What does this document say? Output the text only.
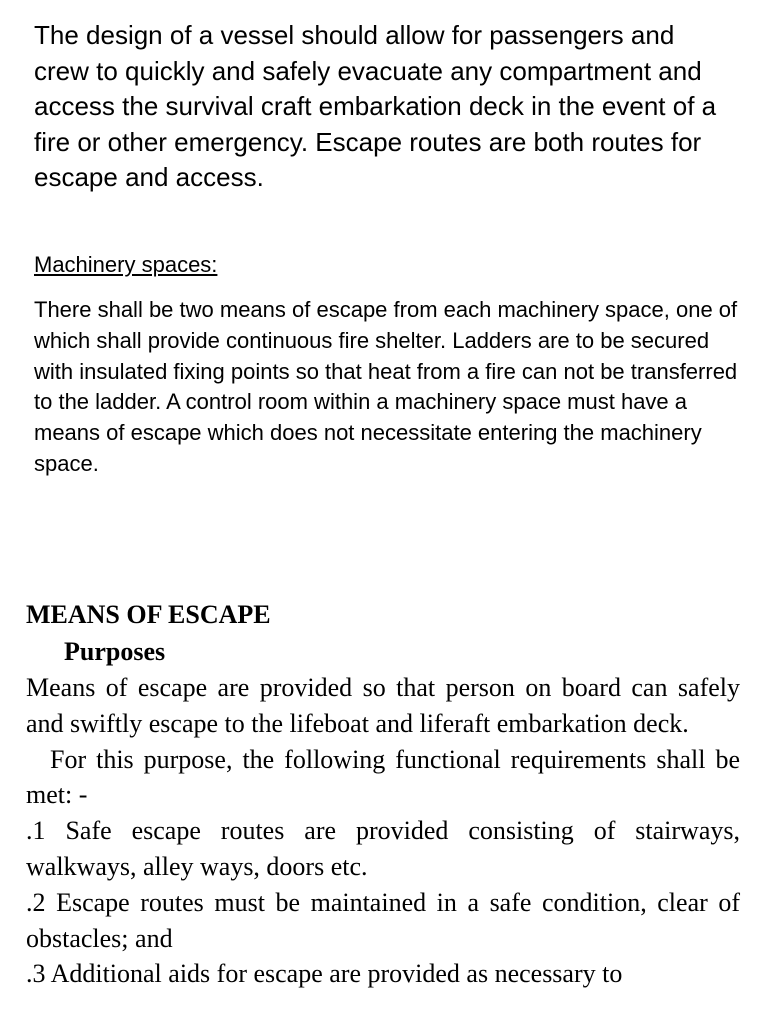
The design of a vessel should allow for passengers and crew to quickly and safely evacuate any compartment and access the survival craft embarkation deck in the event of a fire or other emergency. Escape routes are both routes for escape and access.

Machinery spaces:

There shall be two means of escape from each machinery space, one of which shall provide continuous fire shelter. Ladders are to be secured with insulated fixing points so that heat from a fire can not be transferred to the ladder. A control room within a machinery space must have a means of escape which does not necessitate entering the machinery space.

MEANS OF ESCAPE

Purposes

Means of escape are provided so that person on board can safely and swiftly escape to the lifeboat and liferaft embarkation deck.

For this purpose, the following functional requirements shall be met: -

.1 Safe escape routes are provided consisting of stairways, walkways, alley ways, doors etc.

.2 Escape routes must be maintained in a safe condition, clear of obstacles; and

.3 Additional aids for escape are provided as necessary to
